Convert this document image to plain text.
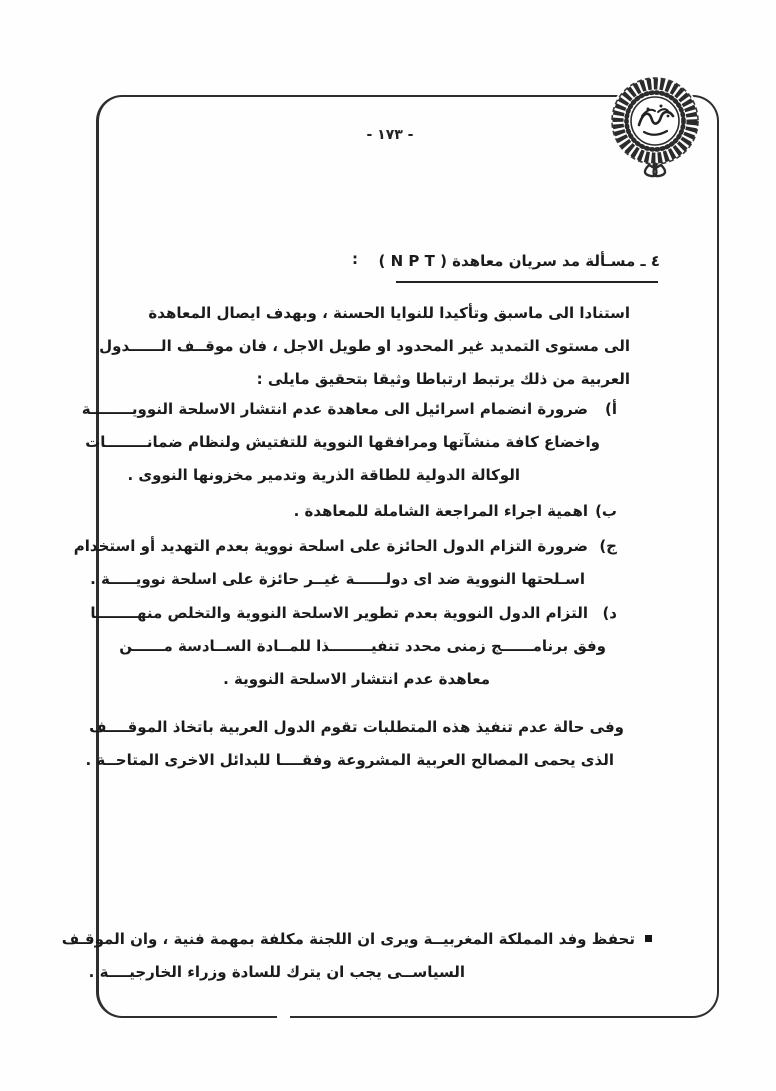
- ١٧٣ -
٤ ـ مسـألة مد سريان معاهدة ( N P T )
:
استنادا الى ماسبق وتأكيدا للنوايا الحسنة ، وبهدف ايصال المعاهدة
الى مستوى التمديد غير المحدود او طويل الاجل ، فان موقــف الــــــدول
العربية من ذلك يرتبط ارتباطا وثيقا بتحقيق مايلى :
أ)
ضرورة انضمام اسرائيل الى معاهدة عدم انتشار الاسلحة النوويــــــــة
واخضاع كافة منشآتها ومرافقها النووية للتفتيش ولنظام ضمانــــــــات
الوكالة الدولية للطاقة الذرية وتدمير مخزونها النووى .
ب)
اهمية اجراء المراجعة الشاملة للمعاهدة .
ج)
ضرورة التزام الدول الحائزة على اسلحة نووية بعدم التهديد أو استخدام
اسـلحتها النووية ضد اى دولــــــة غيــر حائزة على اسلحة نوويـــــة .
د)
التزام الدول النووية بعدم تطوير الاسلحة النووية والتخلص منهــــــــا
وفق برنامــــــج زمنى محدد تنفيــــــــذا للمــادة الســادسة مــــــن
معاهدة عدم انتشار الاسلحة النووية .
وفى حالة عدم تنفيذ هذه المتطلبات تقوم الدول العربية باتخاذ الموقــــف
الذى يحمى المصالح العربية المشروعة وفقــــا للبدائل الاخرى المتاحــة .
تحفظ وفد المملكة المغربيــة ويرى ان اللجنة مكلفة بمهمة فنية ، وان الموقـف
السياســى يجب ان يترك للسادة وزراء الخارجيــــة .
